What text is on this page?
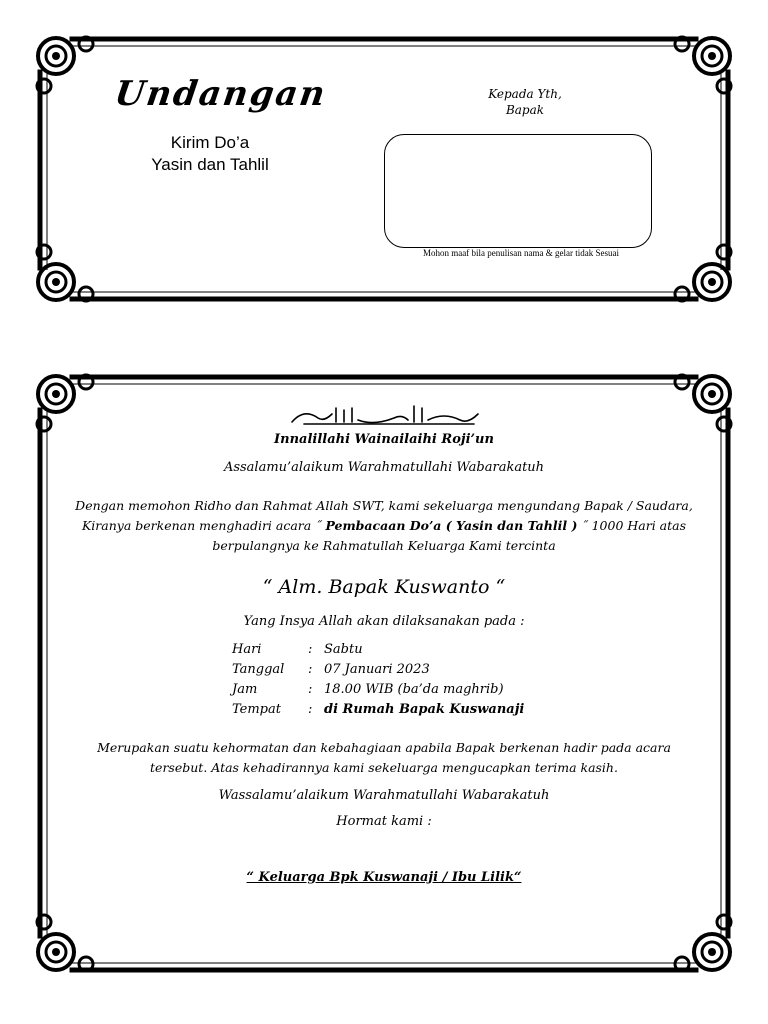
Undangan
Kirim Do’a
Yasin dan Tahlil
Kepada Yth,
Bapak
Mohon maaf bila penulisan nama & gelar tidak Sesuai
Innalillahi Wainailaihi Roji’un
Assalamu’alaikum Warahmatullahi Wabarakatuh
Dengan memohon Ridho dan Rahmat Allah SWT, kami sekeluarga mengundang Bapak / Saudara, Kiranya berkenan menghadiri acara ˝ Pembacaan Do’a ( Yasin dan Tahlil ) ˝ 1000 Hari atas berpulangnya ke Rahmatullah Keluarga Kami tercinta
“ Alm. Bapak Kuswanto “
Yang Insya Allah akan dilaksanakan pada :
Hari	: Sabtu
Tanggal : 07 Januari 2023
Jam	: 18.00 WIB (ba’da maghrib)
Tempat : di Rumah Bapak Kuswanaji
Merupakan suatu kehormatan dan kebahagiaan apabila Bapak berkenan hadir pada acara tersebut. Atas kehadirannya kami sekeluarga mengucapkan terima kasih.
Wassalamu’alaikum Warahmatullahi Wabarakatuh
Hormat kami :
“ Keluarga Bpk Kuswanaji / Ibu Lilik“
